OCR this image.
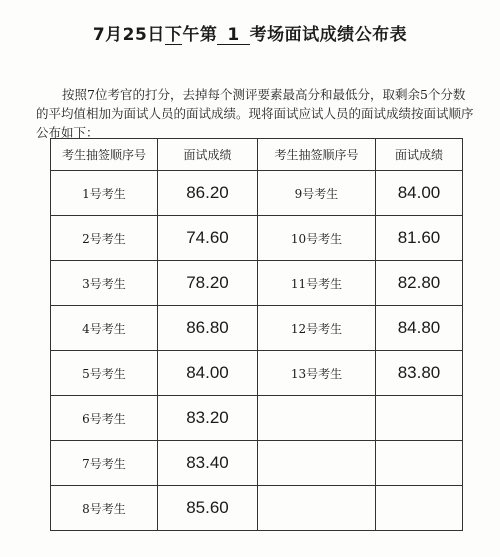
7月25日下午第 1 考场面试成绩公布表

按照7位考官的打分，去掉每个测评要素最高分和最低分，取剩余5个分数的平均值相加为面试人员的面试成绩。现将面试应试人员的面试成绩按面试顺序公布如下：

考生抽签顺序号	面试成绩	考生抽签顺序号	面试成绩
1号考生	86.20	9号考生	84.00
2号考生	74.60	10号考生	81.60
3号考生	78.20	11号考生	82.80
4号考生	86.80	12号考生	84.80
5号考生	84.00	13号考生	83.80
6号考生	83.20		
7号考生	83.40		
8号考生	85.60		
